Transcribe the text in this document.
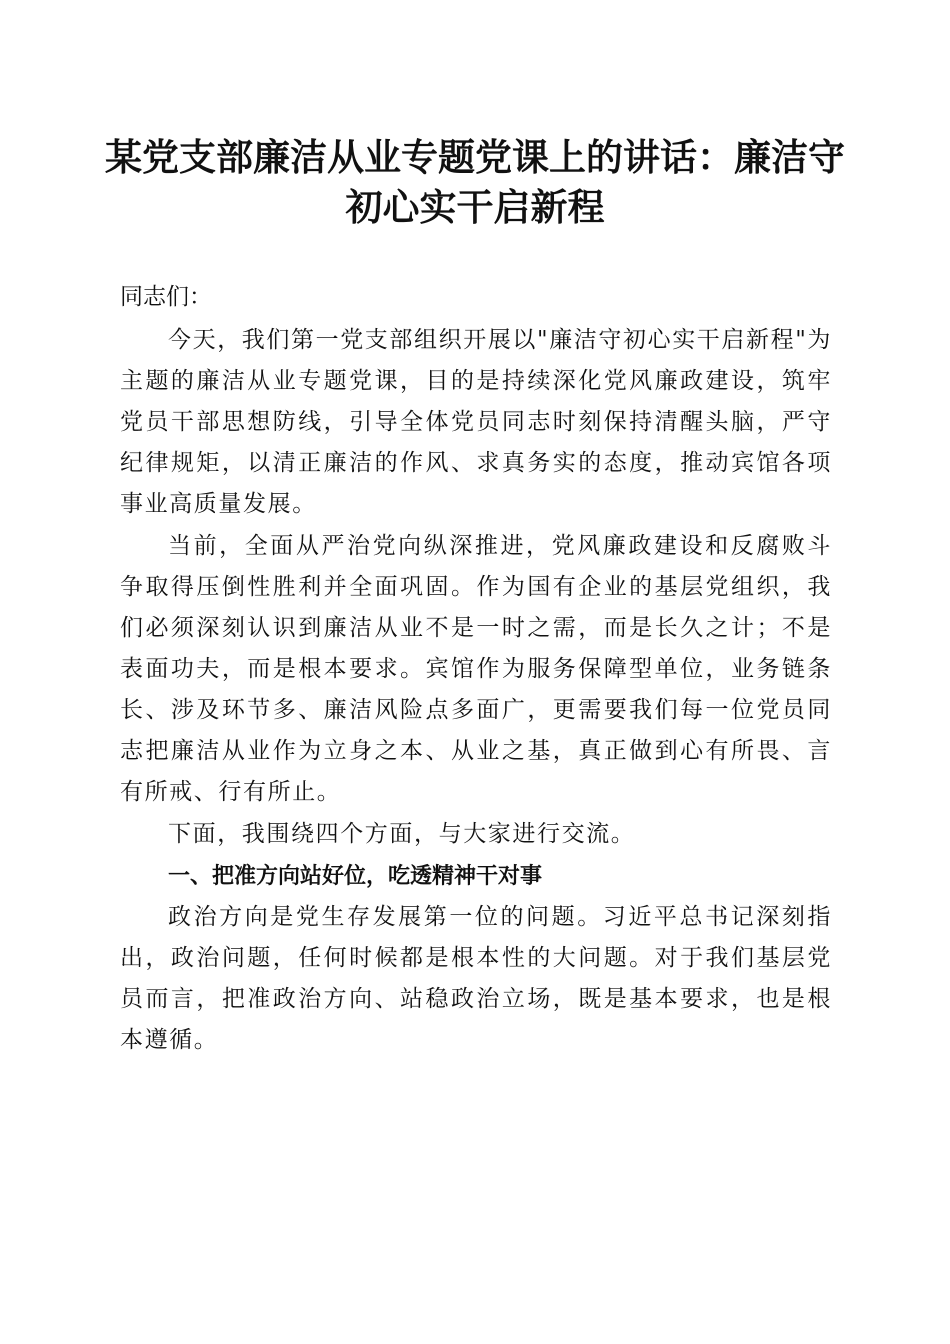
某党支部廉洁从业专题党课上的讲话：廉洁守
初心实干启新程

同志们：

今天，我们第一党支部组织开展以"廉洁守初心实干启新程"为主题的廉洁从业专题党课，目的是持续深化党风廉政建设，筑牢党员干部思想防线，引导全体党员同志时刻保持清醒头脑，严守纪律规矩，以清正廉洁的作风、求真务实的态度，推动宾馆各项事业高质量发展。

当前，全面从严治党向纵深推进，党风廉政建设和反腐败斗争取得压倒性胜利并全面巩固。作为国有企业的基层党组织，我们必须深刻认识到廉洁从业不是一时之需，而是长久之计；不是表面功夫，而是根本要求。宾馆作为服务保障型单位，业务链条长、涉及环节多、廉洁风险点多面广，更需要我们每一位党员同志把廉洁从业作为立身之本、从业之基，真正做到心有所畏、言有所戒、行有所止。

下面，我围绕四个方面，与大家进行交流。

一、把准方向站好位，吃透精神干对事

政治方向是党生存发展第一位的问题。习近平总书记深刻指出，政治问题，任何时候都是根本性的大问题。对于我们基层党员而言，把准政治方向、站稳政治立场，既是基本要求，也是根本遵循。
